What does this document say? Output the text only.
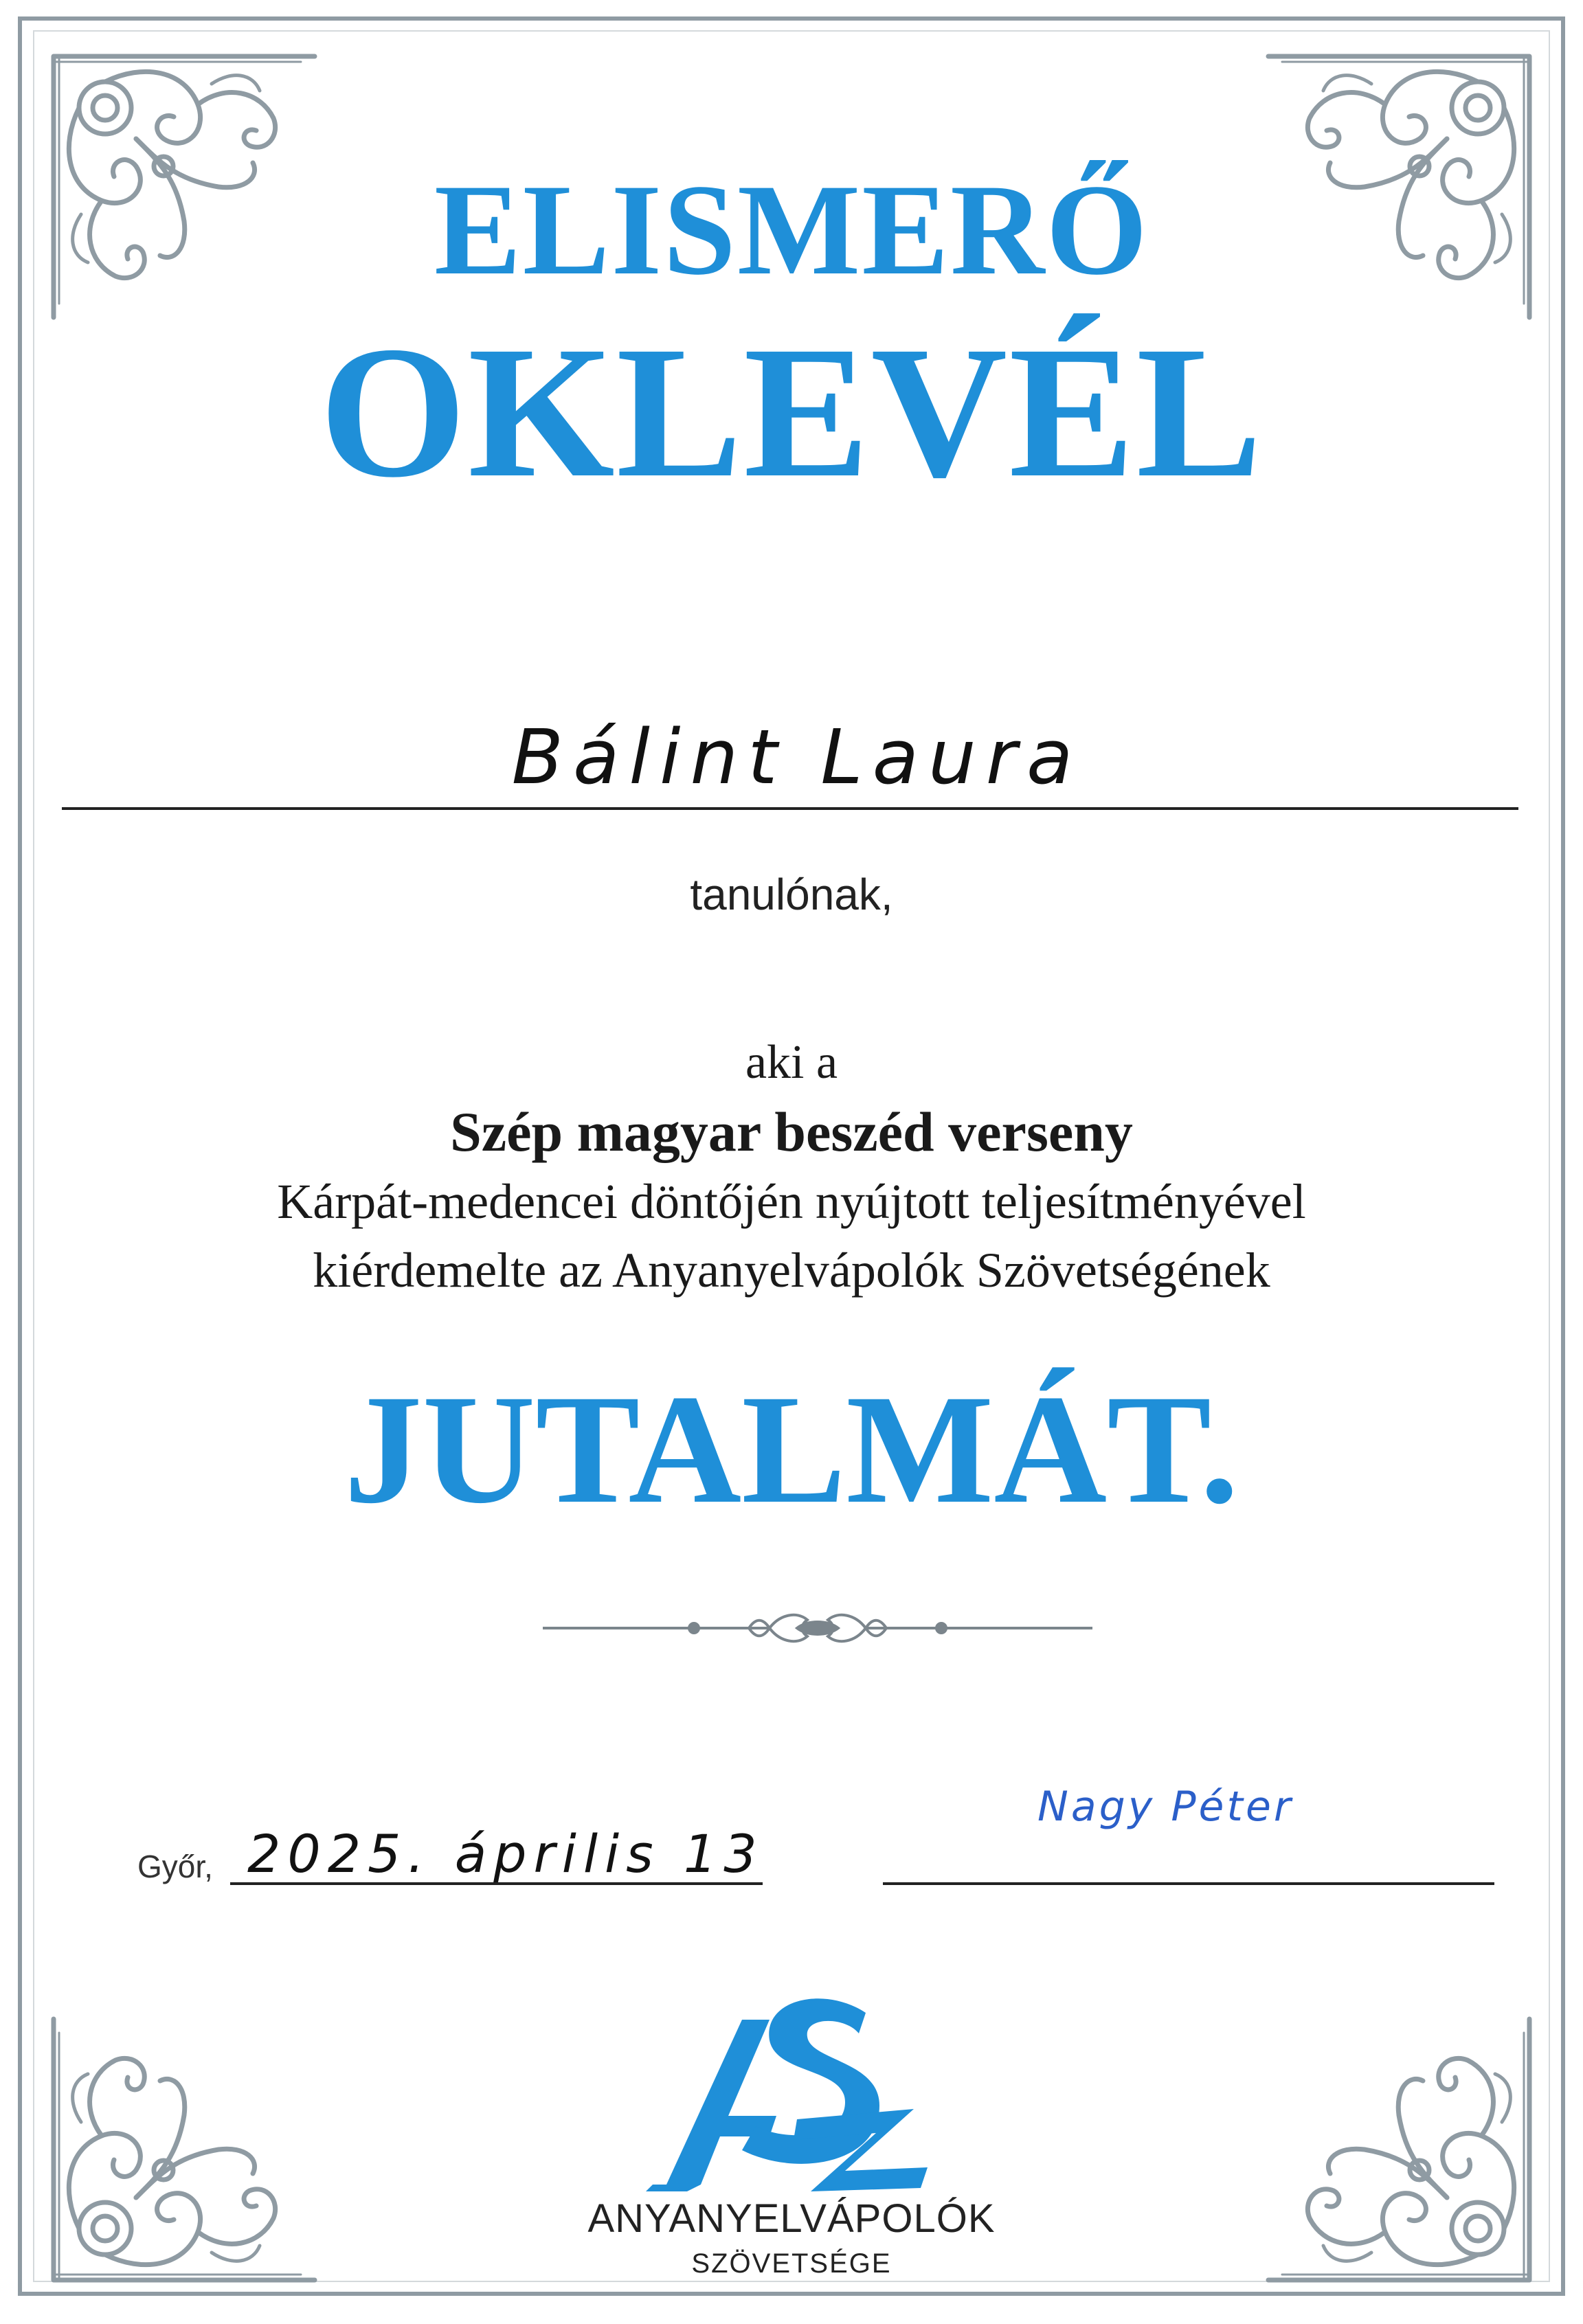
ELISMERŐ
OKLEVÉL
Bálint Laura
tanulónak,
aki a
Szép magyar beszéd verseny
Kárpát-medencei döntőjén nyújtott teljesítményével
kiérdemelte az Anyanyelvápolók Szövetségének
JUTALMÁT.
Győr, 2025. április 13.
Nagy Péter
ANYANYELVÁPOLÓK
SZÖVETSÉGE
